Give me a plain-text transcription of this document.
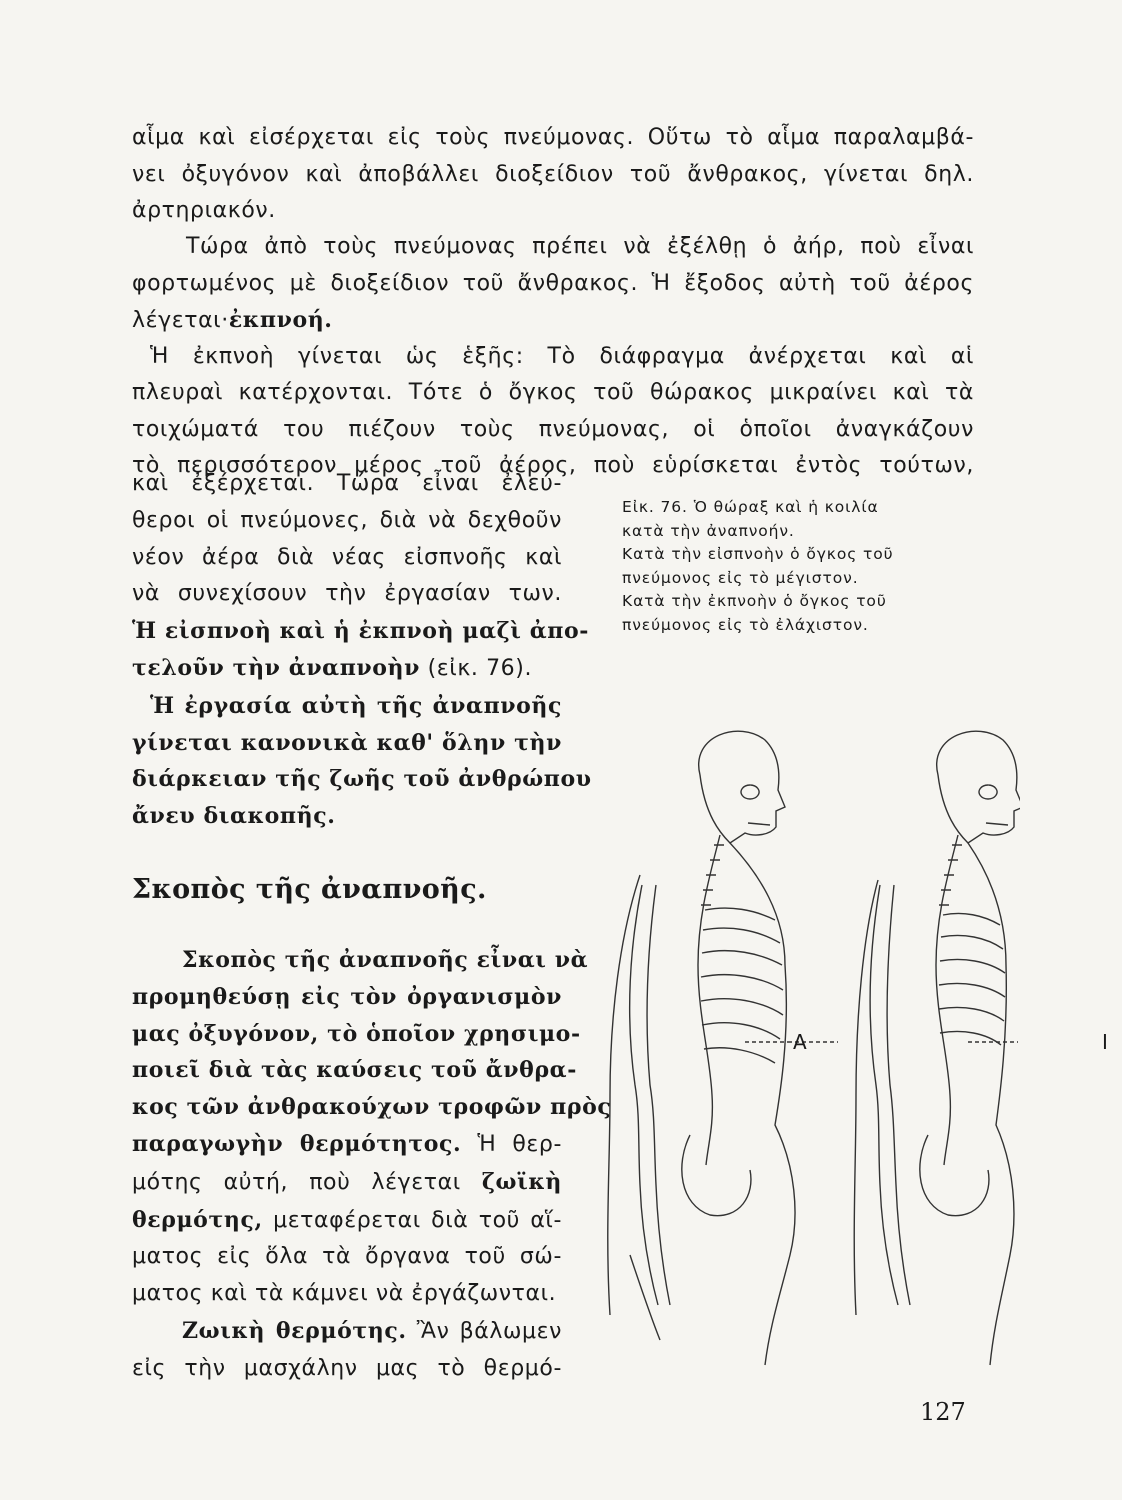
αἷμα καὶ εἰσέρχεται εἰς τοὺς πνεύμονας. Οὕτω τὸ αἷμα παραλαμβά-
νει ὀξυγόνον καὶ ἀποβάλλει διοξείδιον τοῦ ἄνθρακος, γίνεται δηλ.
ἀρτηριακόν.
Τώρα ἀπὸ τοὺς πνεύμονας πρέπει νὰ ἐξέλθῃ ὁ ἀήρ, ποὺ εἶναι
φορτωμένος μὲ διοξείδιον τοῦ ἄνθρακος. Ἡ ἔξοδος αὐτὴ τοῦ ἀέρος
λέγεται·ἐκπνοή.
Ἡ ἐκπνοὴ γίνεται ὡς ἑξῆς: Τὸ διάφραγμα ἀνέρχεται καὶ αἱ
πλευραὶ κατέρχονται. Τότε ὁ ὄγκος τοῦ θώρακος μικραίνει καὶ τὰ
τοιχώματά του πιέζουν τοὺς πνεύμονας, οἱ ὁποῖοι ἀναγκάζουν
τὸ περισσότερον μέρος τοῦ ἀέρος, ποὺ εὑρίσκεται ἐντὸς τούτων,
καὶ ἐξέρχεται. Τώρα εἶναι ἐλεύ-
θεροι οἱ πνεύμονες, διὰ νὰ δεχθοῦν
νέον ἀέρα διὰ νέας εἰσπνοῆς καὶ
νὰ συνεχίσουν τὴν ἐργασίαν των.
Ἡ εἰσπνοὴ καὶ ἡ ἐκπνοὴ μαζὶ ἀπο-
τελοῦν τὴν ἀναπνοὴν (εἰκ. 76).
Ἡ ἐργασία αὐτὴ τῆς ἀναπνοῆς
γίνεται κανονικὰ καθ' ὅλην τὴν
διάρκειαν τῆς ζωῆς τοῦ ἀνθρώπου
ἄνευ διακοπῆς.
Σκοπὸς τῆς ἀναπνοῆς.
Σκοπὸς τῆς ἀναπνοῆς εἶναι νὰ
προμηθεύσῃ εἰς τὸν ὀργανισμὸν
μας ὀξυγόνον, τὸ ὁποῖον χρησιμο-
ποιεῖ διὰ τὰς καύσεις τοῦ ἄνθρα-
κος τῶν ἀνθρακούχων τροφῶν πρὸς
παραγωγὴν θερμότητος. Ἡ θερ-
μότης αὐτή, ποὺ λέγεται ζωϊκὴ
θερμότης, μεταφέρεται διὰ τοῦ αἵ-
ματος εἰς ὅλα τὰ ὄργανα τοῦ σώ-
ματος καὶ τὰ κάμνει νὰ ἐργάζωνται.
Ζωικὴ θερμότης. Ἂν βάλωμεν
εἰς τὴν μασχάλην μας τὸ θερμό-
Εἰκ. 76. Ὁ θώραξ καὶ ἡ κοιλία
κατὰ τὴν ἀναπνοήν.
Κατὰ τὴν εἰσπνοὴν ὁ ὄγκος τοῦ
πνεύμονος εἰς τὸ μέγιστον.
Κατὰ τὴν ἐκπνοὴν ὁ ὄγκος τοῦ
πνεύμονος εἰς τὸ ἐλάχιστον.
A	I
127
